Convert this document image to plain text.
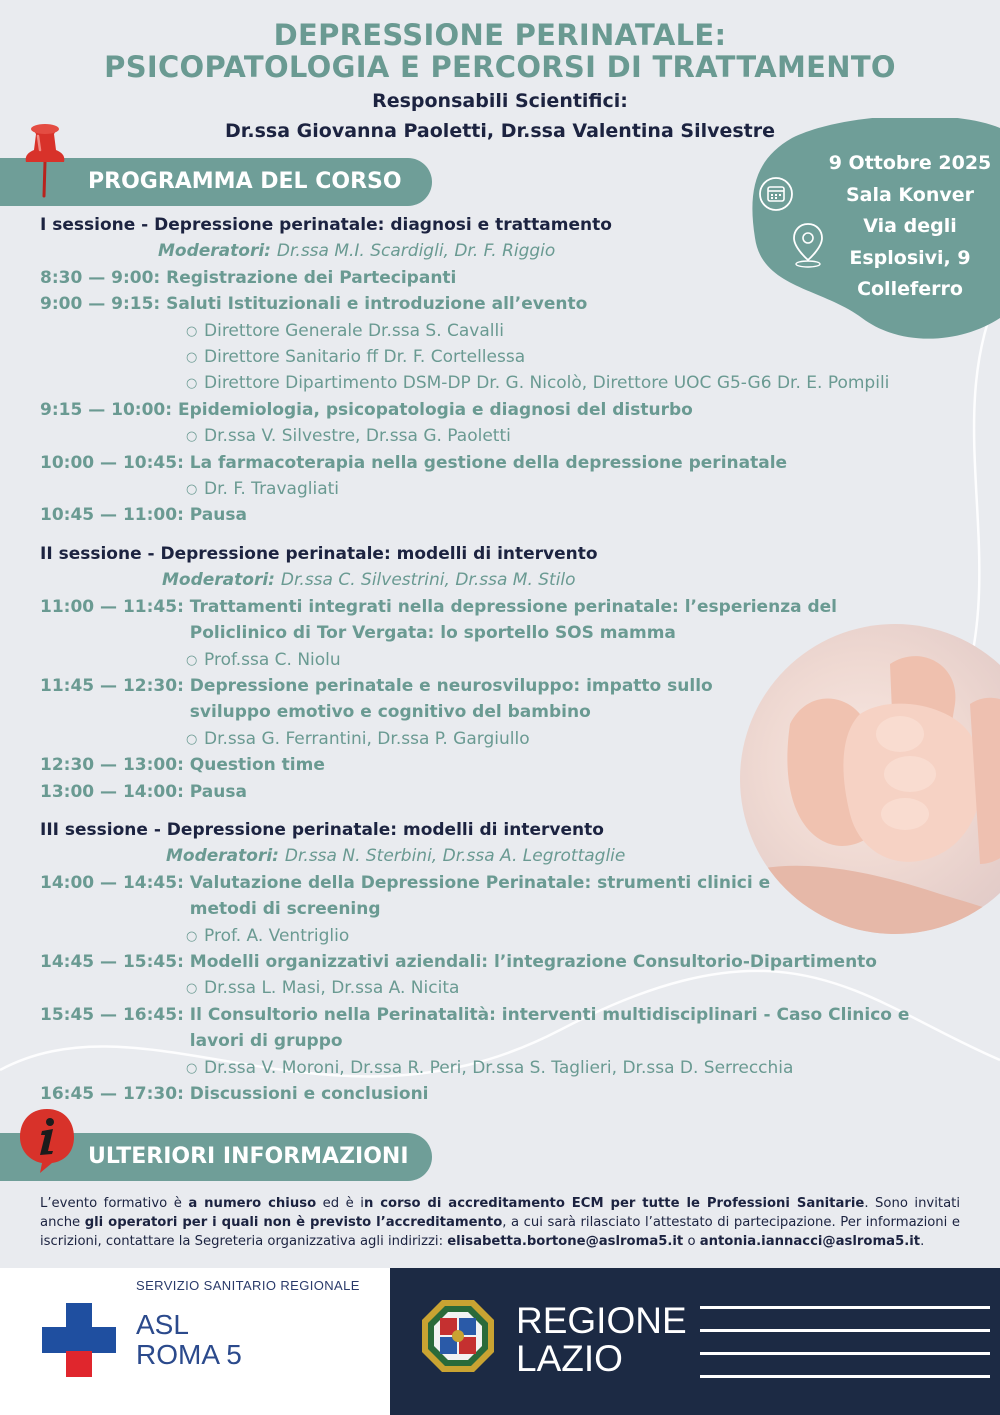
DEPRESSIONE PERINATALE:
PSICOPATOLOGIA E PERCORSI DI TRATTAMENTO
Responsabili Scientifici:
Dr.ssa Giovanna Paoletti, Dr.ssa Valentina Silvestre
PROGRAMMA DEL CORSO
9 Ottobre 2025
Sala Konver
Via degli
Esplosivi, 9
Colleferro
I sessione - Depressione perinatale: diagnosi e trattamento
Moderatori: Dr.ssa M.I. Scardigli, Dr. F. Riggio
8:30 — 9:00: Registrazione dei Partecipanti
9:00 — 9:15: Saluti Istituzionali e introduzione all’evento
○ Direttore Generale Dr.ssa S. Cavalli
○ Direttore Sanitario ff Dr. F. Cortellessa
○ Direttore Dipartimento DSM-DP Dr. G. Nicolò, Direttore UOC G5-G6 Dr. E. Pompili
9:15 — 10:00: Epidemiologia, psicopatologia e diagnosi del disturbo
○ Dr.ssa V. Silvestre, Dr.ssa G. Paoletti
10:00 — 10:45: La farmacoterapia nella gestione della depressione perinatale
○ Dr. F. Travagliati
10:45 — 11:00: Pausa
II sessione - Depressione perinatale: modelli di intervento
Moderatori: Dr.ssa C. Silvestrini, Dr.ssa M. Stilo
11:00 — 11:45: Trattamenti integrati nella depressione perinatale: l’esperienza del
Policlinico di Tor Vergata: lo sportello SOS mamma
○ Prof.ssa C. Niolu
11:45 — 12:30: Depressione perinatale e neurosviluppo: impatto sullo
sviluppo emotivo e cognitivo del bambino
○ Dr.ssa G. Ferrantini, Dr.ssa P. Gargiullo
12:30 — 13:00: Question time
13:00 — 14:00: Pausa
III sessione - Depressione perinatale: modelli di intervento
Moderatori: Dr.ssa N. Sterbini, Dr.ssa A. Legrottaglie
14:00 — 14:45: Valutazione della Depressione Perinatale: strumenti clinici e
metodi di screening
○ Prof. A. Ventriglio
14:45 — 15:45: Modelli organizzativi aziendali: l’integrazione Consultorio-Dipartimento
○ Dr.ssa L. Masi, Dr.ssa A. Nicita
15:45 — 16:45: Il Consultorio nella Perinatalità: interventi multidisciplinari - Caso Clinico e
lavori di gruppo
○ Dr.ssa V. Moroni, Dr.ssa R. Peri, Dr.ssa S. Taglieri, Dr.ssa D. Serrecchia
16:45 — 17:30: Discussioni e conclusioni
ULTERIORI INFORMAZIONI
L’evento formativo è a numero chiuso ed è in corso di accreditamento ECM per tutte le Professioni Sanitarie. Sono invitati anche gli operatori per i quali non è previsto l’accreditamento, a cui sarà rilasciato l’attestato di partecipazione. Per informazioni e iscrizioni, contattare la Segreteria organizzativa agli indirizzi: elisabetta.bortone@aslroma5.it o antonia.iannacci@aslroma5.it.
SERVIZIO SANITARIO REGIONALE
ASL
ROMA 5
REGIONE
LAZIO
